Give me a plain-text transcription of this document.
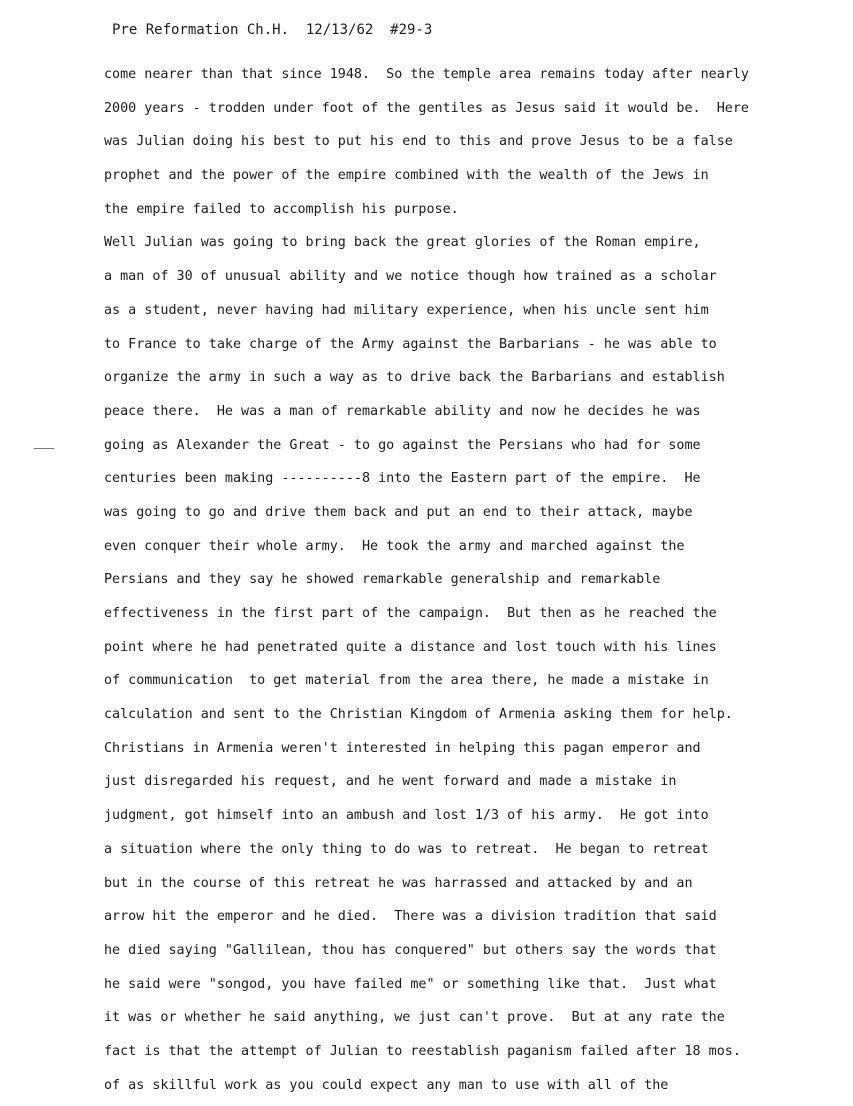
Pre Reformation Ch.H. 12/13/62 #29-3
come nearer than that since 1948.  So the temple area remains today after nearly
2000 years - trodden under foot of the gentiles as Jesus said it would be.  Here
was Julian doing his best to put his end to this and prove Jesus to be a false
prophet and the power of the empire combined with the wealth of the Jews in
the empire failed to accomplish his purpose.
Well Julian was going to bring back the great glories of the Roman empire,
a man of 30 of unusual ability and we notice though how trained as a scholar
as a student, never having had military experience, when his uncle sent him
to France to take charge of the Army against the Barbarians - he was able to
organize the army in such a way as to drive back the Barbarians and establish
peace there.  He was a man of remarkable ability and now he decides he was
going as Alexander the Great - to go against the Persians who had for some
centuries been making ----------8 into the Eastern part of the empire.  He
was going to go and drive them back and put an end to their attack, maybe
even conquer their whole army.  He took the army and marched against the
Persians and they say he showed remarkable generalship and remarkable
effectiveness in the first part of the campaign.  But then as he reached the
point where he had penetrated quite a distance and lost touch with his lines
of communication  to get material from the area there, he made a mistake in
calculation and sent to the Christian Kingdom of Armenia asking them for help.
Christians in Armenia weren't interested in helping this pagan emperor and
just disregarded his request, and he went forward and made a mistake in
judgment, got himself into an ambush and lost 1/3 of his army.  He got into
a situation where the only thing to do was to retreat.  He began to retreat
but in the course of this retreat he was harrassed and attacked by and an
arrow hit the emperor and he died.  There was a division tradition that said
he died saying "Gallilean, thou has conquered" but others say the words that
he said were "songod, you have failed me" or something like that.  Just what
it was or whether he said anything, we just can't prove.  But at any rate the
fact is that the attempt of Julian to reestablish paganism failed after 18 mos.
of as skillful work as you could expect any man to use with all of the
